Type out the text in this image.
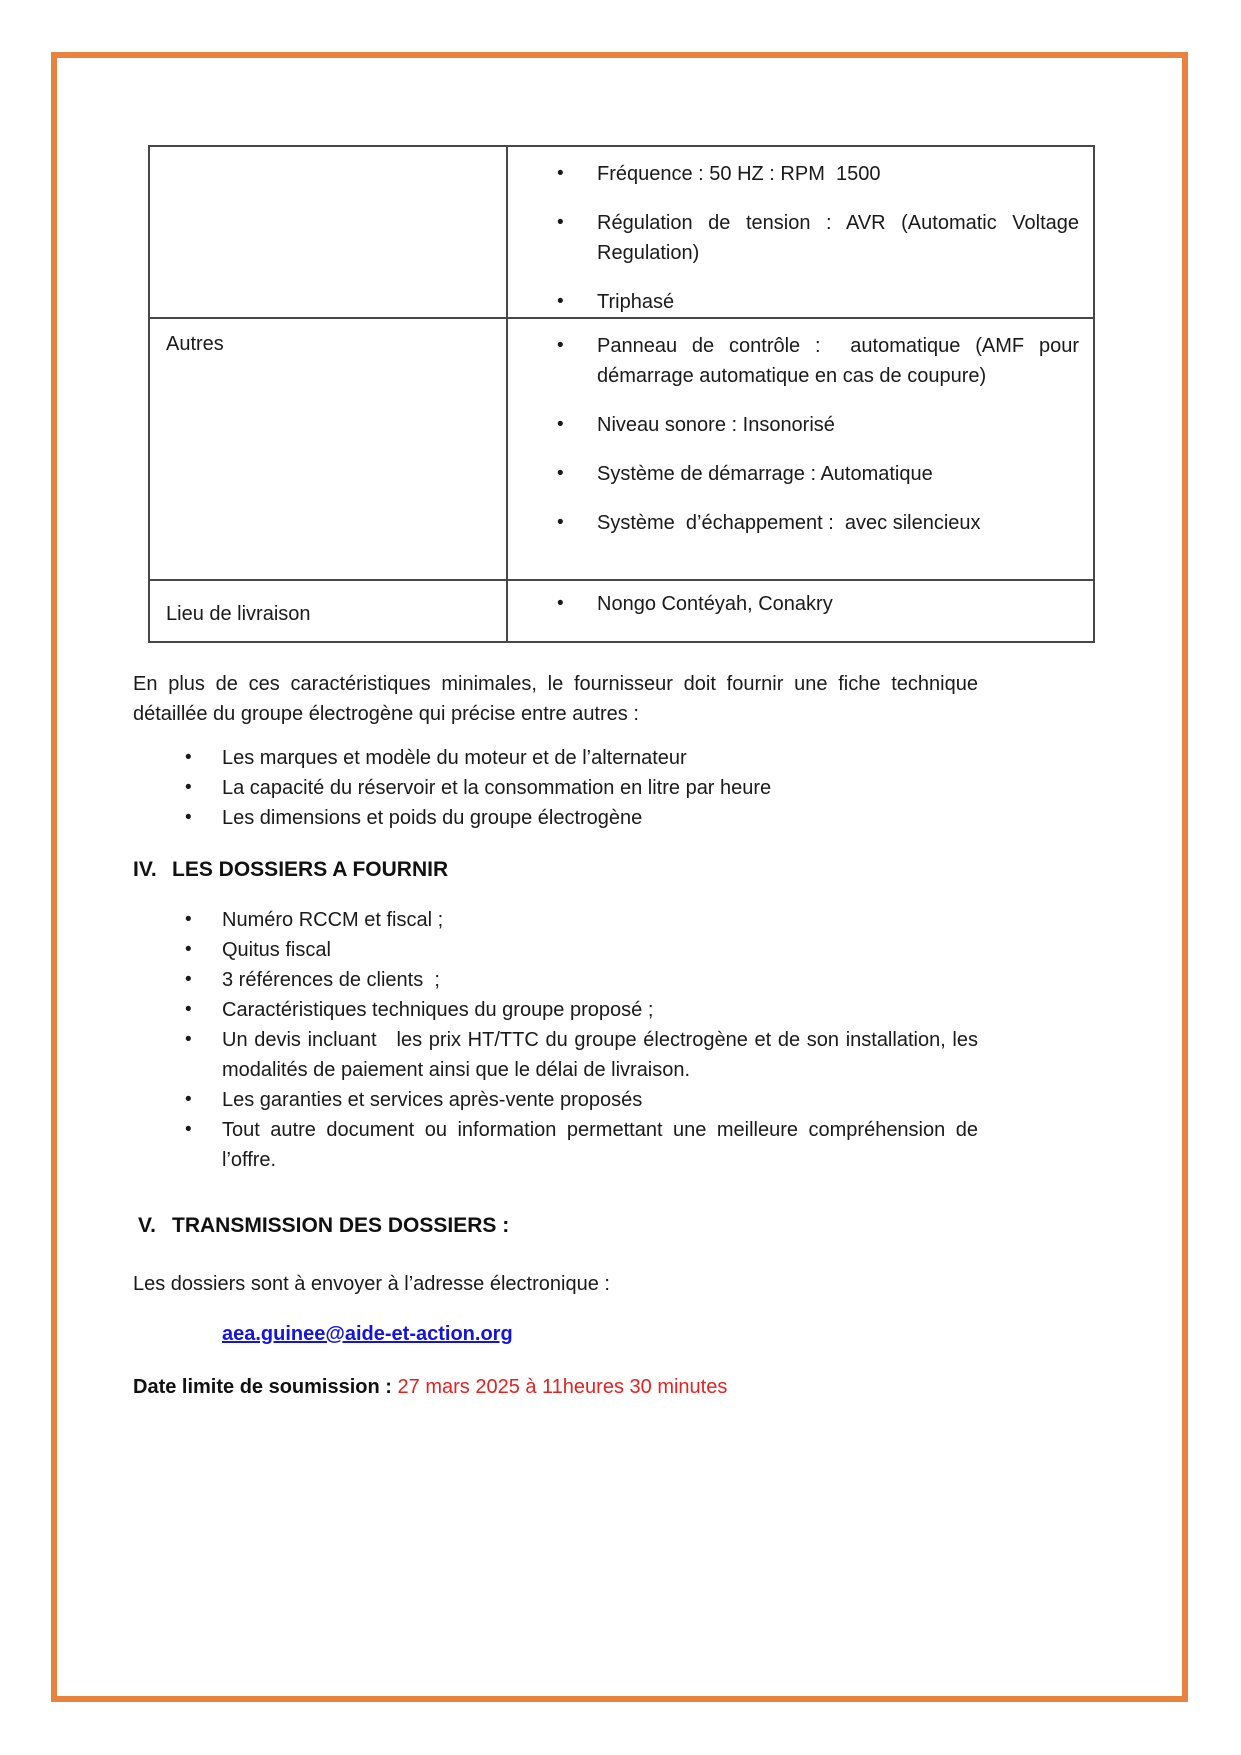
•	Fréquence : 50 HZ : RPM  1500
•	Régulation de tension : AVR (Automatic Voltage Regulation)
•	Triphasé

Autres	•	Panneau de contrôle :  automatique (AMF pour démarrage automatique en cas de coupure)
•	Niveau sonore : Insonorisé
•	Système de démarrage : Automatique
•	Système  d’échappement :  avec silencieux

Lieu de livraison	• Nongo Contéyah, Conakry

En plus de ces caractéristiques minimales, le fournisseur doit fournir une fiche technique détaillée du groupe électrogène qui précise entre autres :

•	Les marques et modèle du moteur et de l’alternateur
•	La capacité du réservoir et la consommation en litre par heure
•	Les dimensions et poids du groupe électrogène
IV. LES DOSSIERS A FOURNIR
•	Numéro RCCM et fiscal ;
•	Quitus fiscal
•	3 références de clients  ;
•	Caractéristiques techniques du groupe proposé ;
•	Un devis incluant   les prix HT/TTC du groupe électrogène et de son installation, les modalités de paiement ainsi que le délai de livraison.
•	Les garanties et services après-vente proposés
•	Tout autre document ou information permettant une meilleure compréhension de l’offre.
V. TRANSMISSION DES DOSSIERS :

Les dossiers sont à envoyer à l’adresse électronique :

aea.guinee@aide-et-action.org

Date limite de soumission : 27 mars 2025 à 11heures 30 minutes
